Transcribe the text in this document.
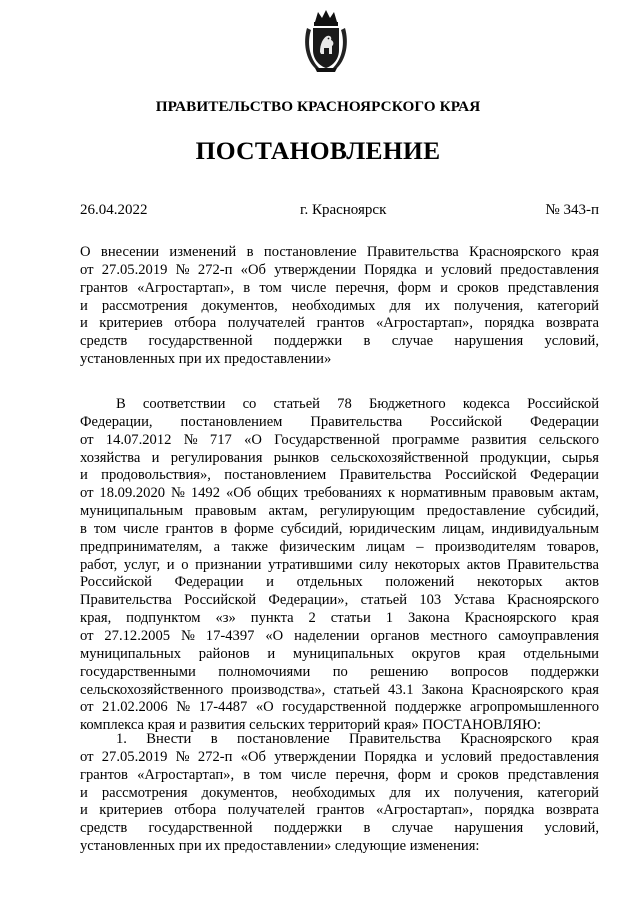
ПРАВИТЕЛЬСТВО КРАСНОЯРСКОГО КРАЯ
ПОСТАНОВЛЕНИЕ
26.04.2022	г. Красноярск	№ 343-п
О внесении изменений в постановление Правительства Красноярского края
от 27.05.2019 № 272-п «Об утверждении Порядка и условий предоставления
грантов «Агростартап», в том числе перечня, форм и сроков представления
и рассмотрения документов, необходимых для их получения, категорий
и критериев отбора получателей грантов «Агростартап», порядка возврата
средств государственной поддержки в случае нарушения условий,
установленных при их предоставлении»
В соответствии со статьей 78 Бюджетного кодекса Российской
Федерации, постановлением Правительства Российской Федерации
от 14.07.2012 № 717 «О Государственной программе развития сельского
хозяйства и регулирования рынков сельскохозяйственной продукции, сырья
и продовольствия», постановлением Правительства Российской Федерации
от 18.09.2020 № 1492 «Об общих требованиях к нормативным правовым актам,
муниципальным правовым актам, регулирующим предоставление субсидий,
в том числе грантов в форме субсидий, юридическим лицам, индивидуальным
предпринимателям, а также физическим лицам – производителям товаров,
работ, услуг, и о признании утратившими силу некоторых актов Правительства
Российской Федерации и отдельных положений некоторых актов
Правительства Российской Федерации», статьей 103 Устава Красноярского
края, подпунктом «з» пункта 2 статьи 1 Закона Красноярского края
от 27.12.2005 № 17-4397 «О наделении органов местного самоуправления
муниципальных районов и муниципальных округов края отдельными
государственными полномочиями по решению вопросов поддержки
сельскохозяйственного производства», статьей 43.1 Закона Красноярского края
от 21.02.2006 № 17-4487 «О государственной поддержке агропромышленного
комплекса края и развития сельских территорий края» ПОСТАНОВЛЯЮ:
1. Внести в постановление Правительства Красноярского края
от 27.05.2019 № 272-п «Об утверждении Порядка и условий предоставления
грантов «Агростартап», в том числе перечня, форм и сроков представления
и рассмотрения документов, необходимых для их получения, категорий
и критериев отбора получателей грантов «Агростартап», порядка возврата
средств государственной поддержки в случае нарушения условий,
установленных при их предоставлении» следующие изменения:
